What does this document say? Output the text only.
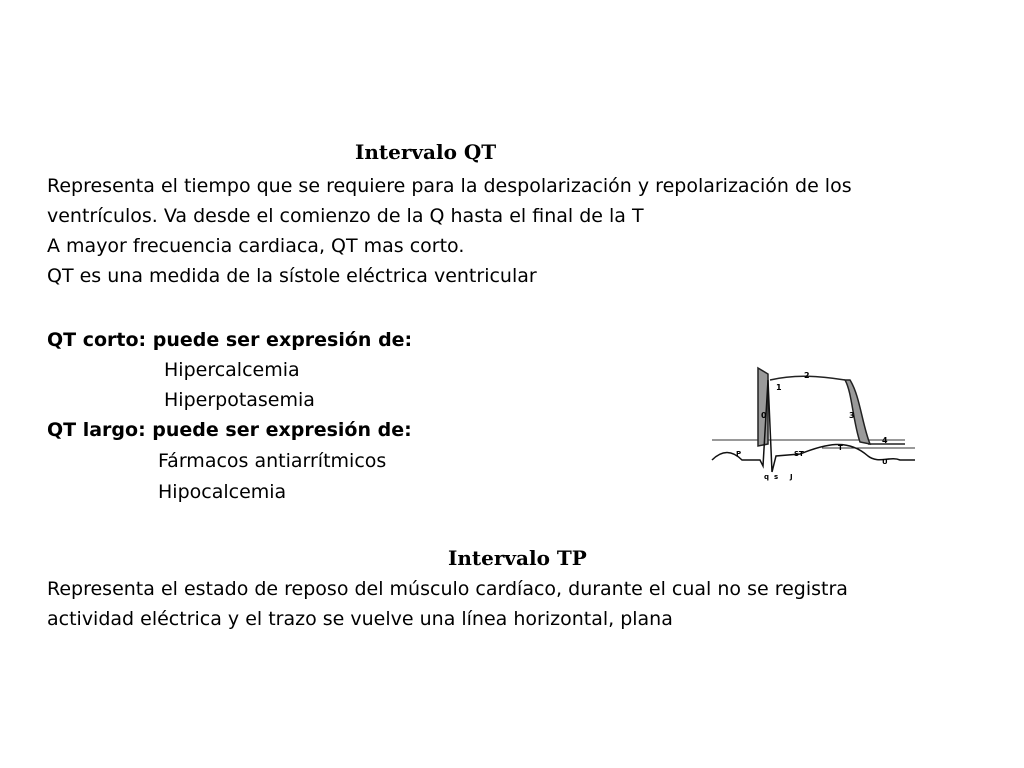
Intervalo QT

Representa el tiempo que se requiere para la despolarización y repolarización de los

ventrículos. Va desde el comienzo de la Q hasta el final de la T

A mayor frecuencia cardiaca, QT mas corto.

QT es una medida de la sístole eléctrica ventricular

QT corto: puede ser expresión de:

Hipercalcemia

Hiperpotasemia

QT largo: puede ser expresión de:

Fármacos antiarrítmicos

Hipocalcemia

1
2
0	3
4
P	ST
T
U
q s J
Intervalo TP

Representa el estado de reposo del músculo cardíaco, durante el cual no se registra

actividad eléctrica y el trazo se vuelve una línea horizontal, plana
